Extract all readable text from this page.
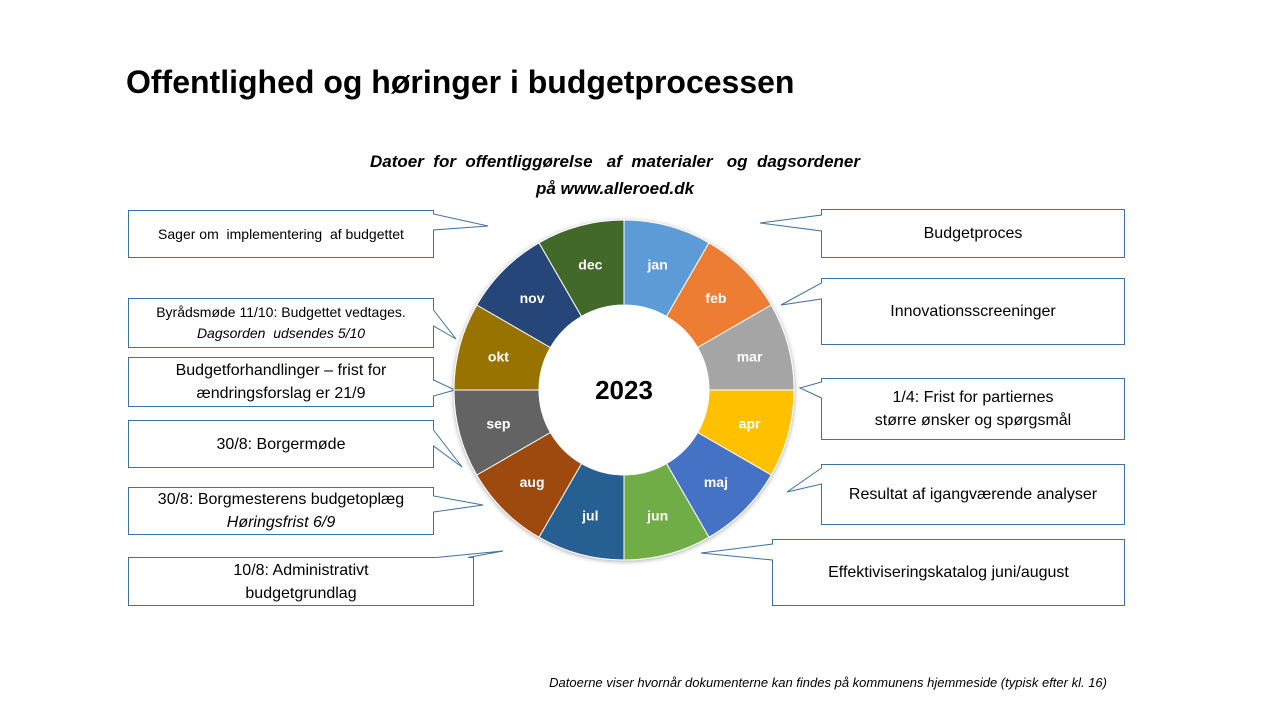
Offentlighed og høringer i budgetprocessen
Datoer  for  offentliggørelse   af  materialer   og  dagsordener
på www.alleroed.dk
2023
jan
feb
mar
apr
maj
jun
jul
aug
sep
okt
nov
dec
Sager om  implementering  af budgettet
Byrådsmøde 11/10: Budgettet vedtages.
Dagsorden  udsendes 5/10
Budgetforhandlinger – frist for
ændringsforslag er 21/9
30/8: Borgermøde
30/8: Borgmesterens budgetoplæg
Høringsfrist 6/9
10/8: Administrativt
budgetgrundlag
Budgetproces
Innovationsscreeninger
1/4: Frist for partiernes
større ønsker og spørgsmål
Resultat af igangværende analyser
Effektiviseringskatalog juni/august
Datoerne viser hvornår dokumenterne kan findes på kommunens hjemmeside (typisk efter kl. 16)
